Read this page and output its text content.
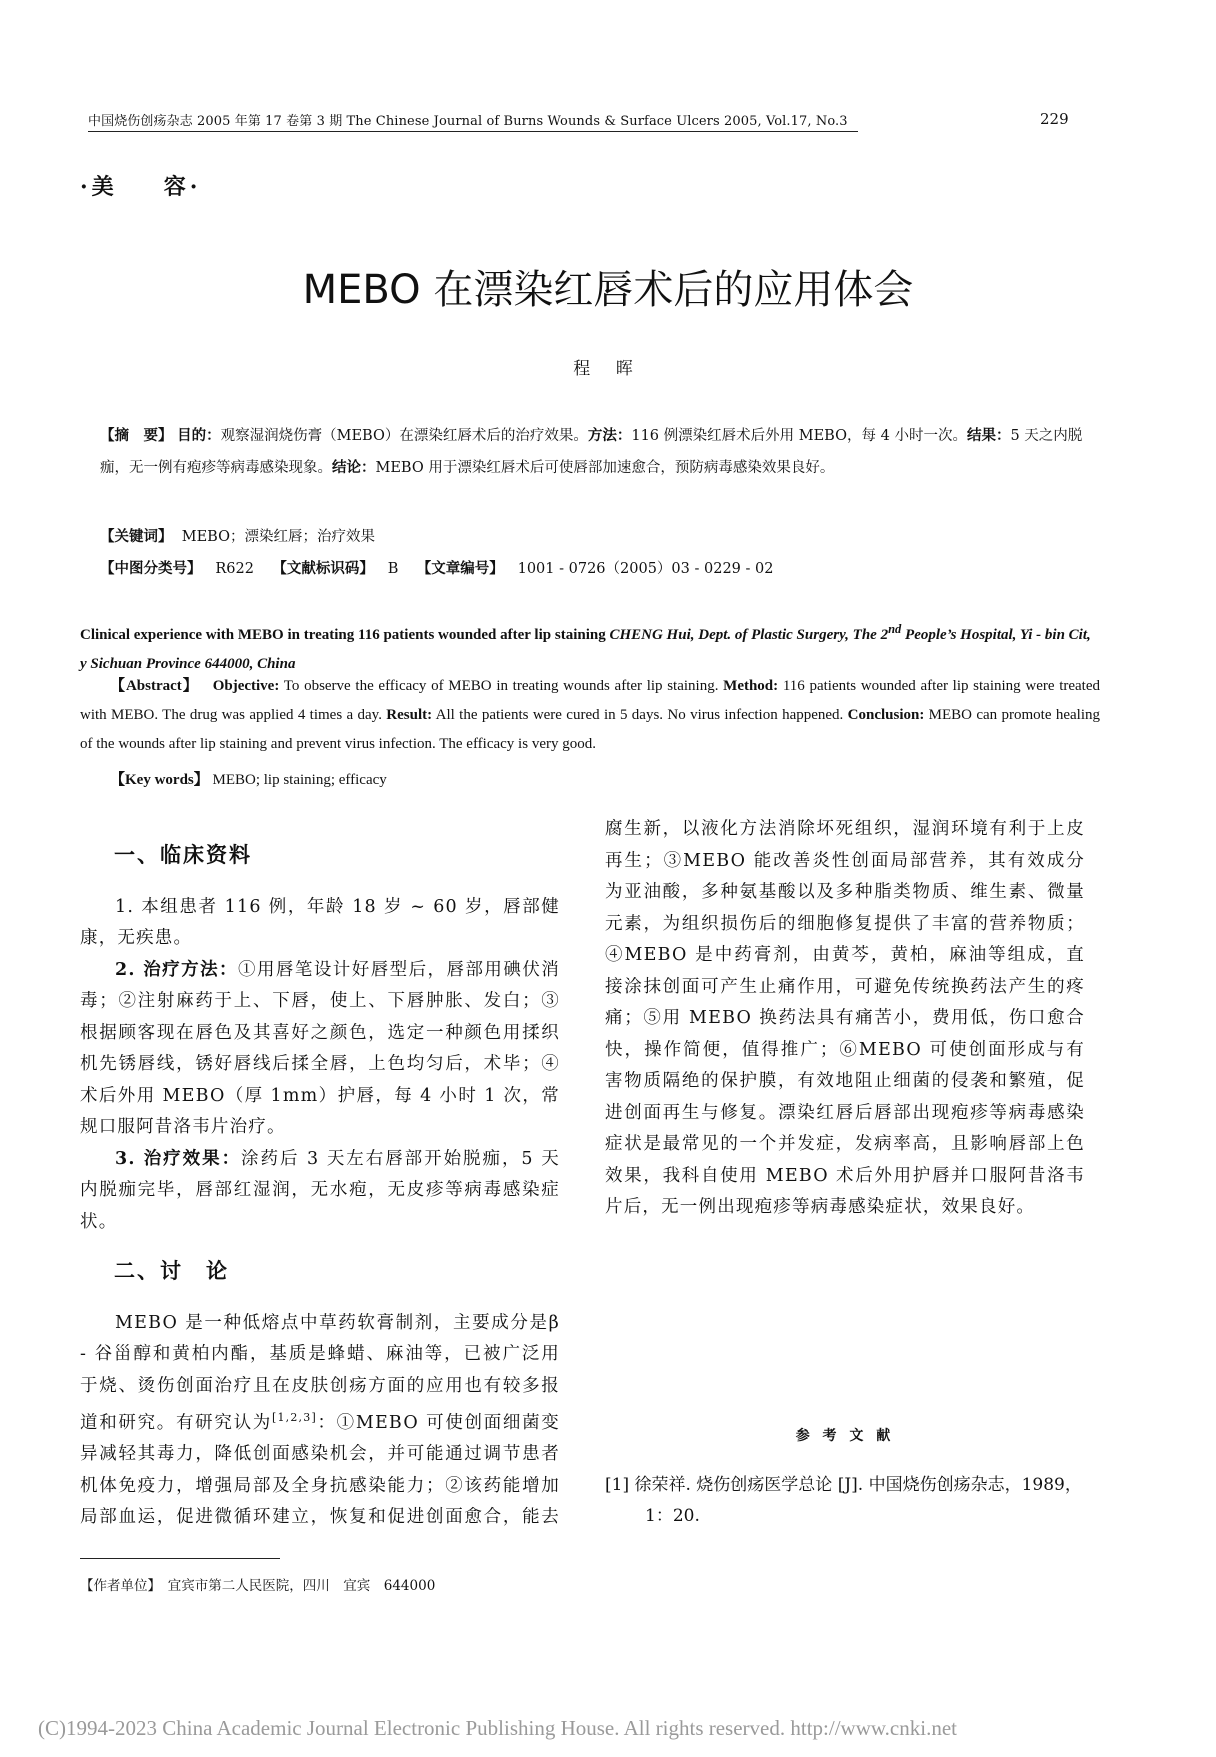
中国烧伤创疡杂志 2005 年第 17 卷第 3 期 The Chinese Journal of Burns Wounds & Surface Ulcers 2005, Vol.17, No.3	229
·美 容·
MEBO 在漂染红唇术后的应用体会
程 晖
【摘　要】 目的：观察湿润烧伤膏（MEBO）在漂染红唇术后的治疗效果。方法：116 例漂染红唇术后外用 MEBO，每 4 小时一次。结果：5 天之内脱痂，无一例有疱疹等病毒感染现象。结论：MEBO 用于漂染红唇术后可使唇部加速愈合，预防病毒感染效果良好。
【关键词】 MEBO；漂染红唇；治疗效果
【中图分类号】 R622 【文献标识码】 B 【文章编号】 1001 - 0726（2005）03 - 0229 - 02
Clinical experience with MEBO in treating 116 patients wounded after lip staining CHENG Hui, Dept. of Plastic Surgery, The 2nd People’s Hospital, Yi - bin Cit, y Sichuan Province 644000, China
【Abstract】 Objective: To observe the efficacy of MEBO in treating wounds after lip staining. Method: 116 patients wounded after lip staining were treated with MEBO. The drug was applied 4 times a day. Result: All the patients were cured in 5 days. No virus infection happened. Conclusion: MEBO can promote healing of the wounds after lip staining and prevent virus infection. The efficacy is very good.
【Key words】 MEBO; lip staining; efficacy
一、临床资料

1. 本组患者 116 例，年龄 18 岁 ~ 60 岁，唇部健康，无疾患。

2. 治疗方法：①用唇笔设计好唇型后，唇部用碘伏消毒；②注射麻药于上、下唇，使上、下唇肿胀、发白；③根据顾客现在唇色及其喜好之颜色，选定一种颜色用揉织机先锈唇线，锈好唇线后揉全唇，上色均匀后，术毕；④术后外用 MEBO（厚 1mm）护唇，每 4 小时 1 次，常规口服阿昔洛韦片治疗。

3. 治疗效果：涂药后 3 天左右唇部开始脱痂，5 天内脱痂完毕，唇部红湿润，无水疱，无皮疹等病毒感染症状。

二、讨　论

MEBO 是一种低熔点中草药软膏制剂，主要成分是β - 谷甾醇和黄柏内酯，基质是蜂蜡、麻油等，已被广泛用于烧、烫伤创面治疗且在皮肤创疡方面的应用也有较多报道和研究。有研究认为[1,2,3]：①MEBO 可使创面细菌变异减轻其毒力，降低创面感染机会，并可能通过调节患者机体免疫力，增强局部及全身抗感染能力；②该药能增加局部血运，促进微循环建立，恢复和促进创面愈合，能去腐生新，以液化方法消除坏死组织，湿润环境有利于上皮再生；③MEBO 能改善炎性创面局部营养，其有效成分为亚油酸，多种氨基酸以及多种脂类物质、维生素、微量元素，为组织损伤后的细胞修复提供了丰富的营养物质；④MEBO 是中药膏剂，由黄芩，黄柏，麻油等组成，直接涂抹创面可产生止痛作用，可避免传统换药法产生的疼痛；⑤用 MEBO 换药法具有痛苦小，费用低，伤口愈合快，操作简便，值得推广；⑥MEBO 可使创面形成与有害物质隔绝的保护膜，有效地阻止细菌的侵袭和繁殖，促进创面再生与修复。漂染红唇后唇部出现疱疹等病毒感染症状是最常见的一个并发症，发病率高，且影响唇部上色效果，我科自使用 MEBO 术后外用护唇并口服阿昔洛韦片后，无一例出现疱疹等病毒感染症状，效果良好。

参 考 文 献
[1] 徐荣祥. 烧伤创疡医学总论 [J]. 中国烧伤创疡杂志，1989，1：20.
【作者单位】　宜宾市第二人民医院，四川　宜宾　644000
(C)1994-2023 China Academic Journal Electronic Publishing House. All rights reserved. http://www.cnki.net
